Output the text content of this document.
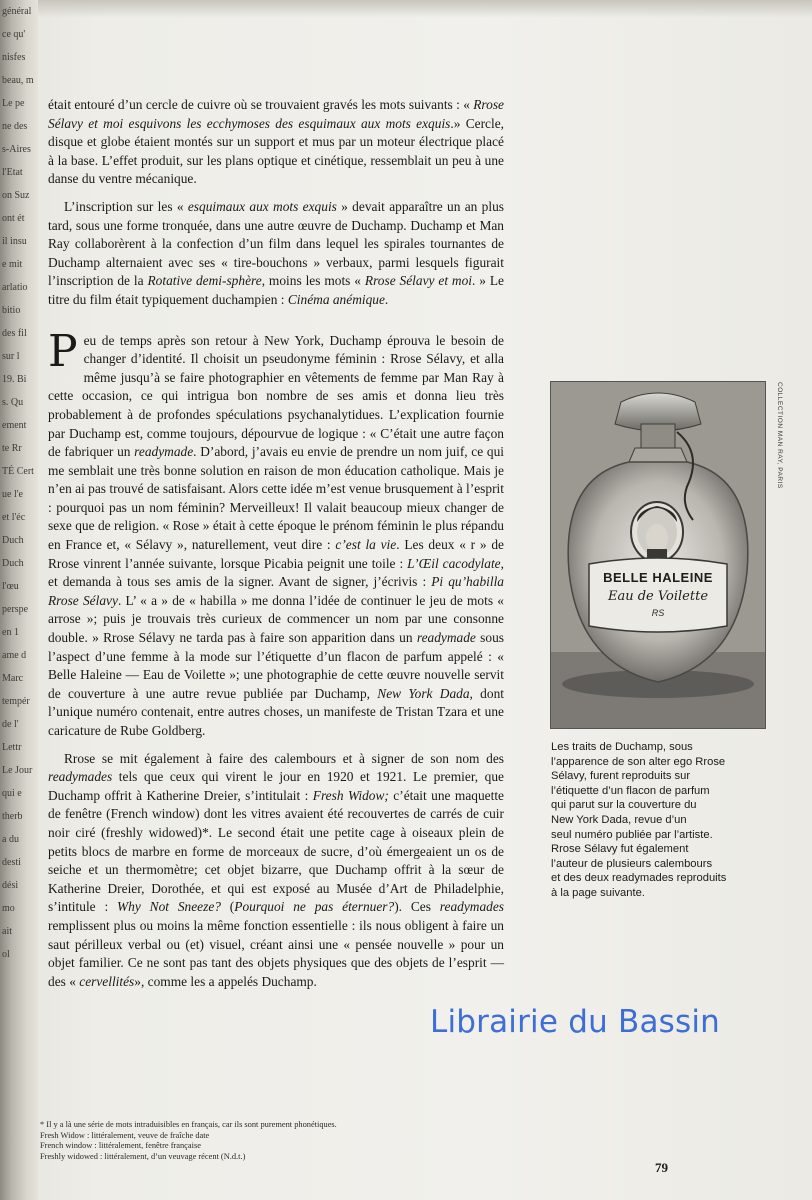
général
ce qu'
nisfes
beau, m
Le pe
ne des
s-Aires
l'Etat
on Suz
ont ét
il insu
e mit
arlatio
bitio
des fil
sur l
19. Bi
s. Qu
ement
te Rr
TÉ Cert
ue l'e
et l'éc
Duch
Duch
l'œu
perspe
en 1
ame d
Marc
tempér
de l'
Lettr
Le Jour
qui e
therb
a du
desti
dési
mo
ait
ol

était entouré d’un cercle de cuivre où se trouvaient gravés les mots suivants : « Rrose Sélavy et moi esquivons les ecchymoses des esquimaux aux mots exquis.» Cercle, disque et globe étaient montés sur un support et mus par un moteur électrique placé à la base. L’effet produit, sur les plans optique et cinétique, ressemblait un peu à une danse du ventre mécanique.

L’inscription sur les « esquimaux aux mots exquis » devait apparaître un an plus tard, sous une forme tronquée, dans une autre œuvre de Duchamp. Duchamp et Man Ray collaborèrent à la confection d’un film dans lequel les spirales tournantes de Duchamp alternaient avec ses « tire-bouchons » verbaux, parmi lesquels figurait l’inscription de la Rotative demi-sphère, moins les mots « Rrose Sélavy et moi. » Le titre du film était typiquement duchampien : Cinéma anémique.

Peu de temps après son retour à New York, Duchamp éprouva le besoin de changer d’identité. Il choisit un pseudonyme féminin : Rrose Sélavy, et alla même jusqu’à se faire photographier en vêtements de femme par Man Ray à cette occasion, ce qui intrigua bon nombre de ses amis et donna lieu très probablement à de profondes spéculations psychanalytidues. L’explication fournie par Duchamp est, comme toujours, dépourvue de logique : « C’était une autre façon de fabriquer un readymade. D’abord, j’avais eu envie de prendre un nom juif, ce qui me semblait une très bonne solution en raison de mon éducation catholique. Mais je n’en ai pas trouvé de satisfaisant. Alors cette idée m’est venue brusquement à l’esprit : pourquoi pas un nom féminin? Merveilleux! Il valait beaucoup mieux changer de sexe que de religion. « Rose » était à cette époque le prénom féminin le plus répandu en France et, « Sélavy », naturellement, veut dire : c’est la vie. Les deux « r » de Rrose vinrent l’année suivante, lorsque Picabia peignit une toile : L’Œil cacodylate, et demanda à tous ses amis de la signer. Avant de signer, j’écrivis : Pi qu’habilla Rrose Sélavy. L’ « a » de « habilla » me donna l’idée de continuer le jeu de mots « arrose »; puis je trouvais très curieux de commencer un nom par une consonne double. » Rrose Sélavy ne tarda pas à faire son apparition dans un readymade sous l’aspect d’une femme à la mode sur l’étiquette d’un flacon de parfum appelé : « Belle Haleine — Eau de Voilette »; une photographie de cette œuvre nouvelle servit de couverture à une autre revue publiée par Duchamp, New York Dada, dont l’unique numéro contenait, entre autres choses, un manifeste de Tristan Tzara et une caricature de Rube Goldberg.

Rrose se mit également à faire des calembours et à signer de son nom des readymades tels que ceux qui virent le jour en 1920 et 1921. Le premier, que Duchamp offrit à Katherine Dreier, s’intitulait : Fresh Widow; c’était une maquette de fenêtre (French window) dont les vitres avaient été recouvertes de carrés de cuir noir ciré (freshly widowed)*. Le second était une petite cage à oiseaux plein de petits blocs de marbre en forme de morceaux de sucre, d’où émergeaient un os de seiche et un thermomètre; cet objet bizarre, que Duchamp offrit à la sœur de Katherine Dreier, Dorothée, et qui est exposé au Musée d’Art de Philadelphie, s’intitule : Why Not Sneeze? (Pourquoi ne pas éternuer?). Ces readymades remplissent plus ou moins la même fonction essentielle : ils nous obligent à faire un saut périlleux verbal ou (et) visuel, créant ainsi une « pensée nouvelle » pour un objet familier. Ce ne sont pas tant des objets physiques que des objets de l’esprit — des « cervellités», comme les a appelés Duchamp.

BELLE HALEINE
Eau de Voilette
RS
COLLECTION MAN RAY, PARIS
Les traits de Duchamp, sous
l’apparence de son alter ego Rrose
Sélavy, furent reproduits sur
l’étiquette d’un flacon de parfum
qui parut sur la couverture du
New York Dada, revue d’un
seul numéro publiée par l’artiste.
Rrose Sélavy fut également
l’auteur de plusieurs calembours
et des deux readymades reproduits
à la page suivante.
* Il y a là une série de mots intraduisibles en français, car ils sont purement phonétiques.
Fresh Widow : littéralement, veuve de fraîche date
French window : littéralement, fenêtre française
Freshly widowed : littéralement, d’un veuvage récent (N.d.t.)
79
Librairie du Bassin
